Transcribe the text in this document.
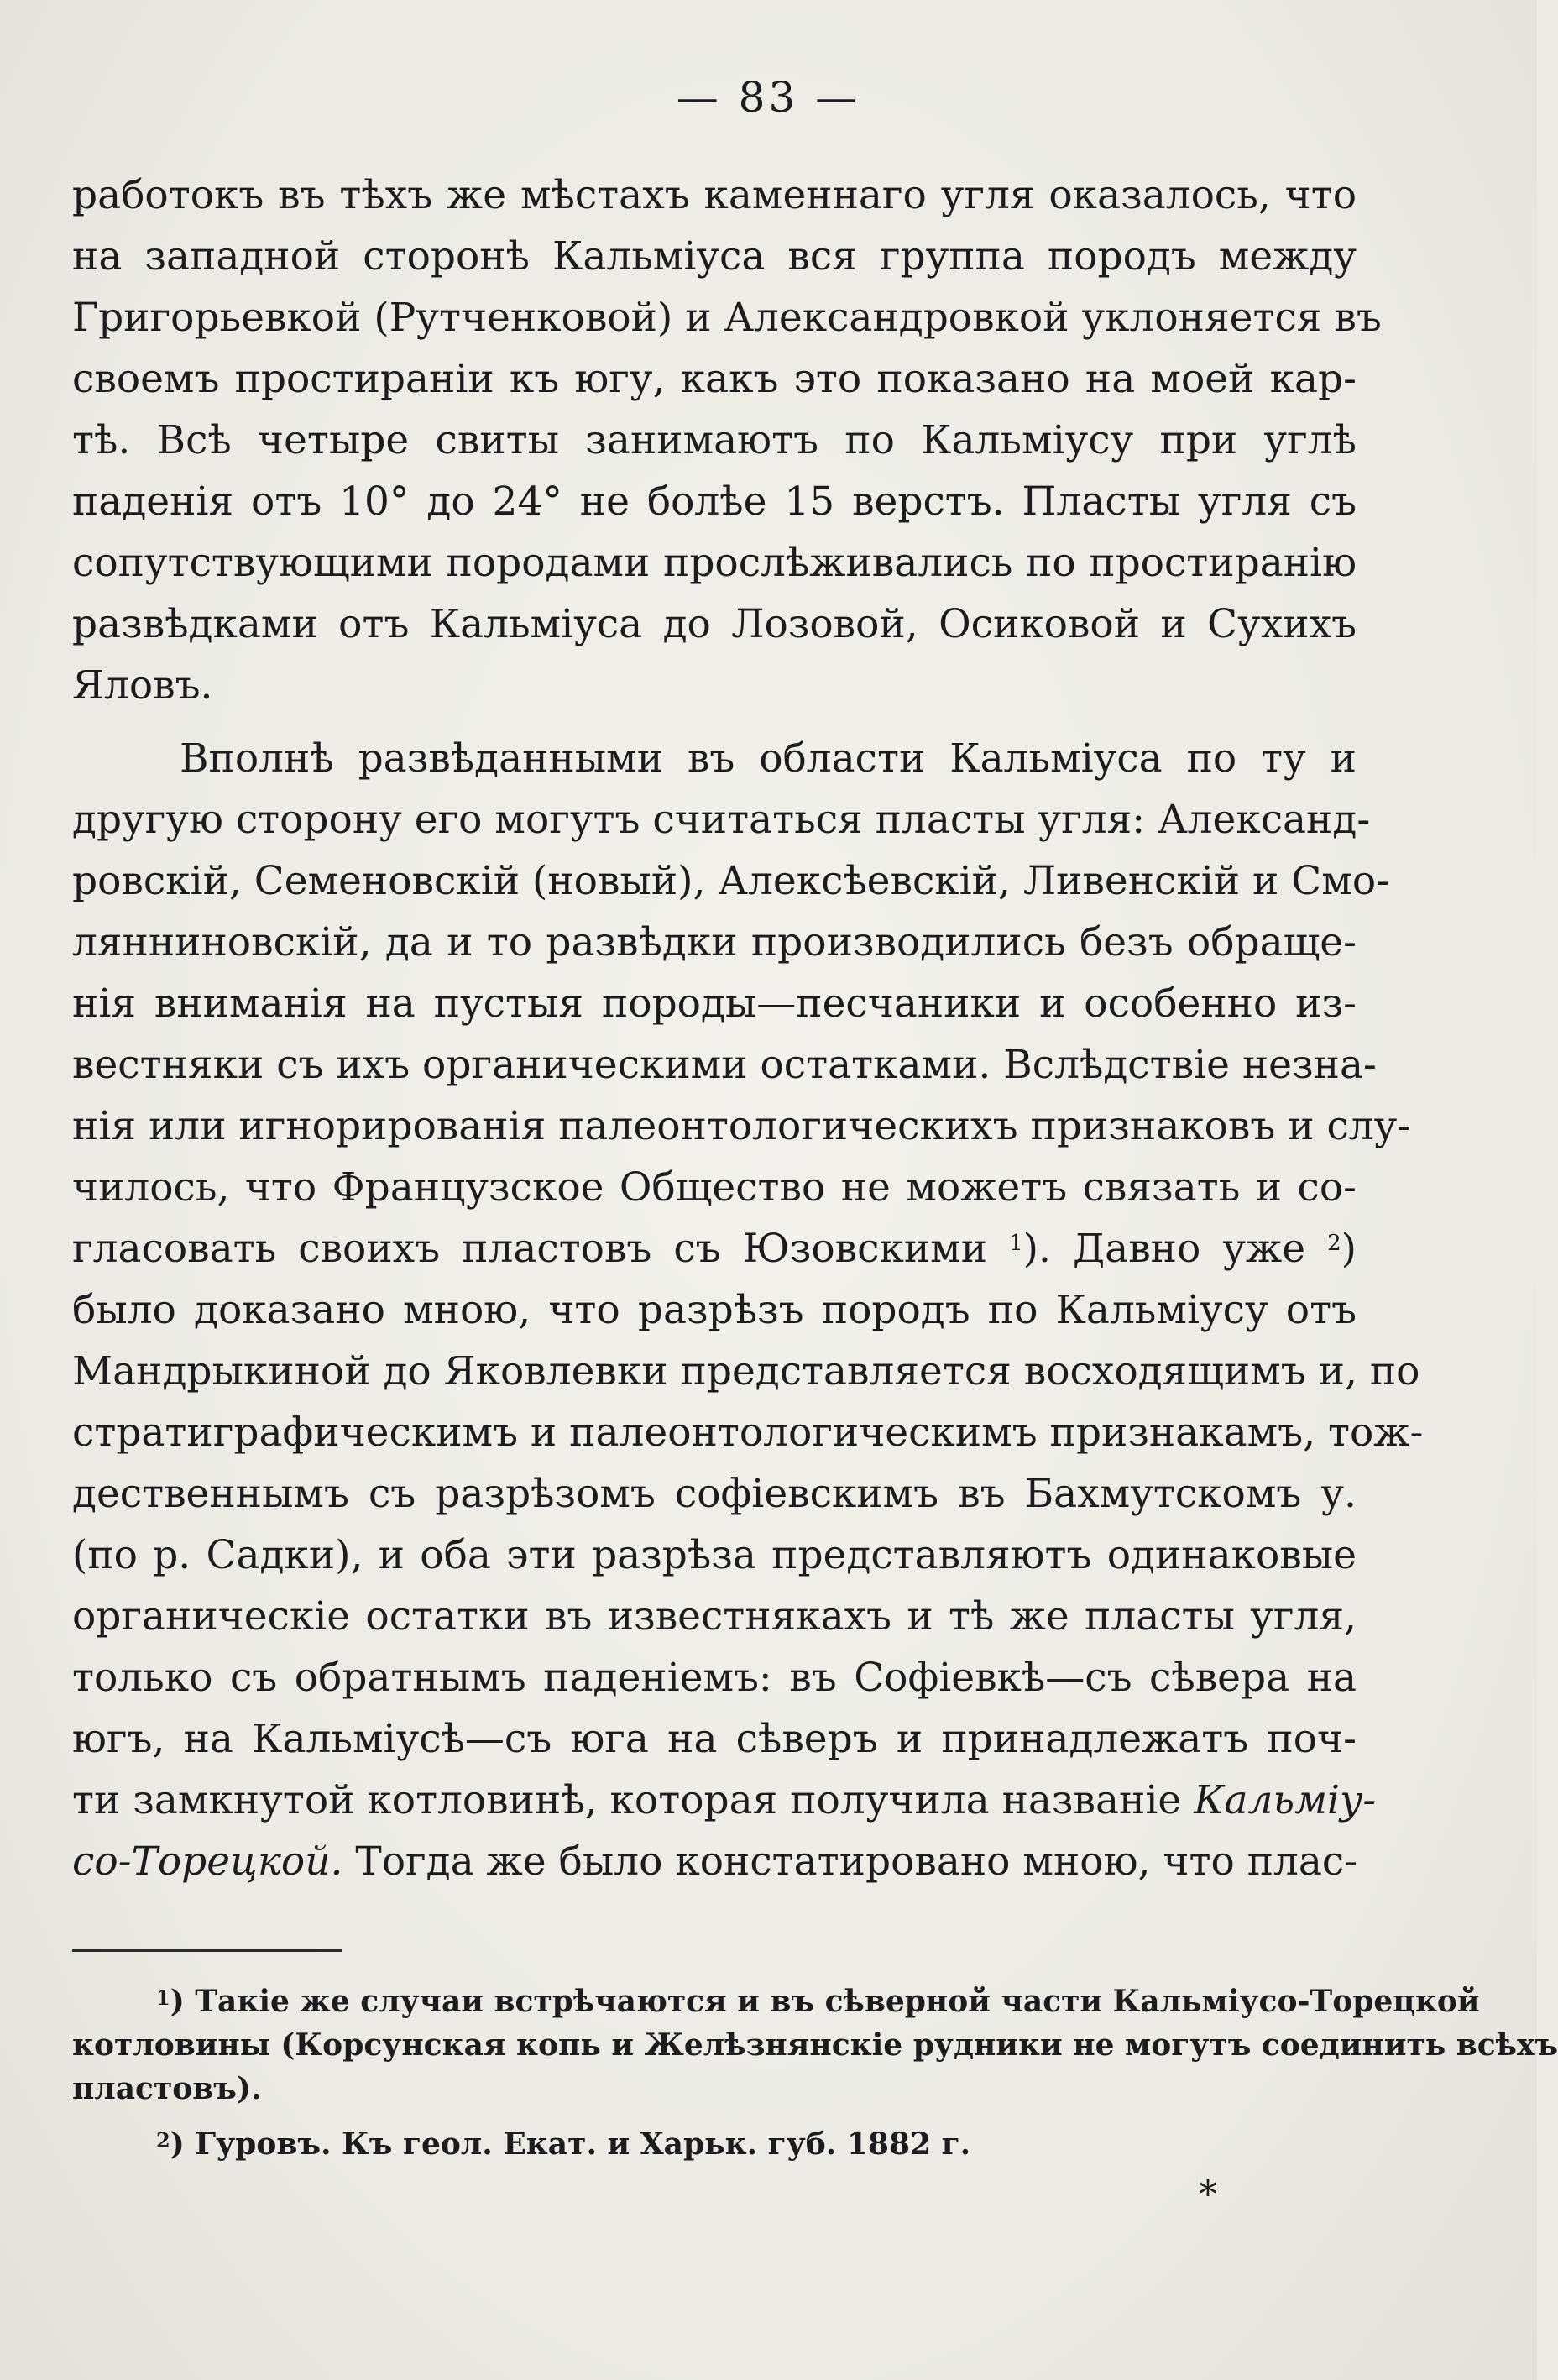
— 83 —
работокъ въ тѣхъ же мѣстахъ каменнаго угля оказалось, что
на западной сторонѣ Кальміуса вся группа породъ между
Григорьевкой (Рутченковой) и Александровкой уклоняется въ
своемъ простираніи къ югу, какъ это показано на моей кар-
тѣ. Всѣ четыре свиты занимаютъ по Кальміусу при углѣ
паденія отъ 10° до 24° не болѣе 15 верстъ. Пласты угля съ
сопутствующими породами прослѣживались по простиранію
развѣдками отъ Кальміуса до Лозовой, Осиковой и Сухихъ
Яловъ.
Вполнѣ развѣданными въ области Кальміуса по ту и
другую сторону его могутъ считаться пласты угля: Александ-
ровскій, Семеновскій (новый), Алексѣевскій, Ливенскій и Смо-
лянниновскій, да и то развѣдки производились безъ обраще-
нія вниманія на пустыя породы—песчаники и особенно из-
вестняки съ ихъ органическими остатками. Вслѣдствіе незна-
нія или игнорированія палеонтологическихъ признаковъ и слу-
чилось, что Французское Общество не можетъ связать и со-
гласовать своихъ пластовъ съ Юзовскими $^1$). Давно уже $^2$)
было доказано мною, что разрѣзъ породъ по Кальміусу отъ
Мандрыкиной до Яковлевки представляется восходящимъ и, по
стратиграфическимъ и палеонтологическимъ признакамъ, тож-
дественнымъ съ разрѣзомъ софіевскимъ въ Бахмутскомъ у.
(по р. Садки), и оба эти разрѣза представляютъ одинаковые
органическіе остатки въ известнякахъ и тѣ же пласты угля,
только съ обратнымъ паденіемъ: въ Софіевкѣ—съ сѣвера на
югъ, на Кальміусѣ—съ юга на сѣверъ и принадлежатъ поч-
ти замкнутой котловинѣ, которая получила названіе Кальміу-
со-Торецкой. Тогда же было констатировано мною, что плас-
$^1$) Такіе же случаи встрѣчаются и въ сѣверной части Кальміусо-Торецкой
котловины (Корсунская копь и Желѣзнянскіе рудники не могутъ соединить всѣхъ
пластовъ).
$^2$) Гуровъ. Къ геол. Екат. и Харьк. губ. 1882 г.
*
